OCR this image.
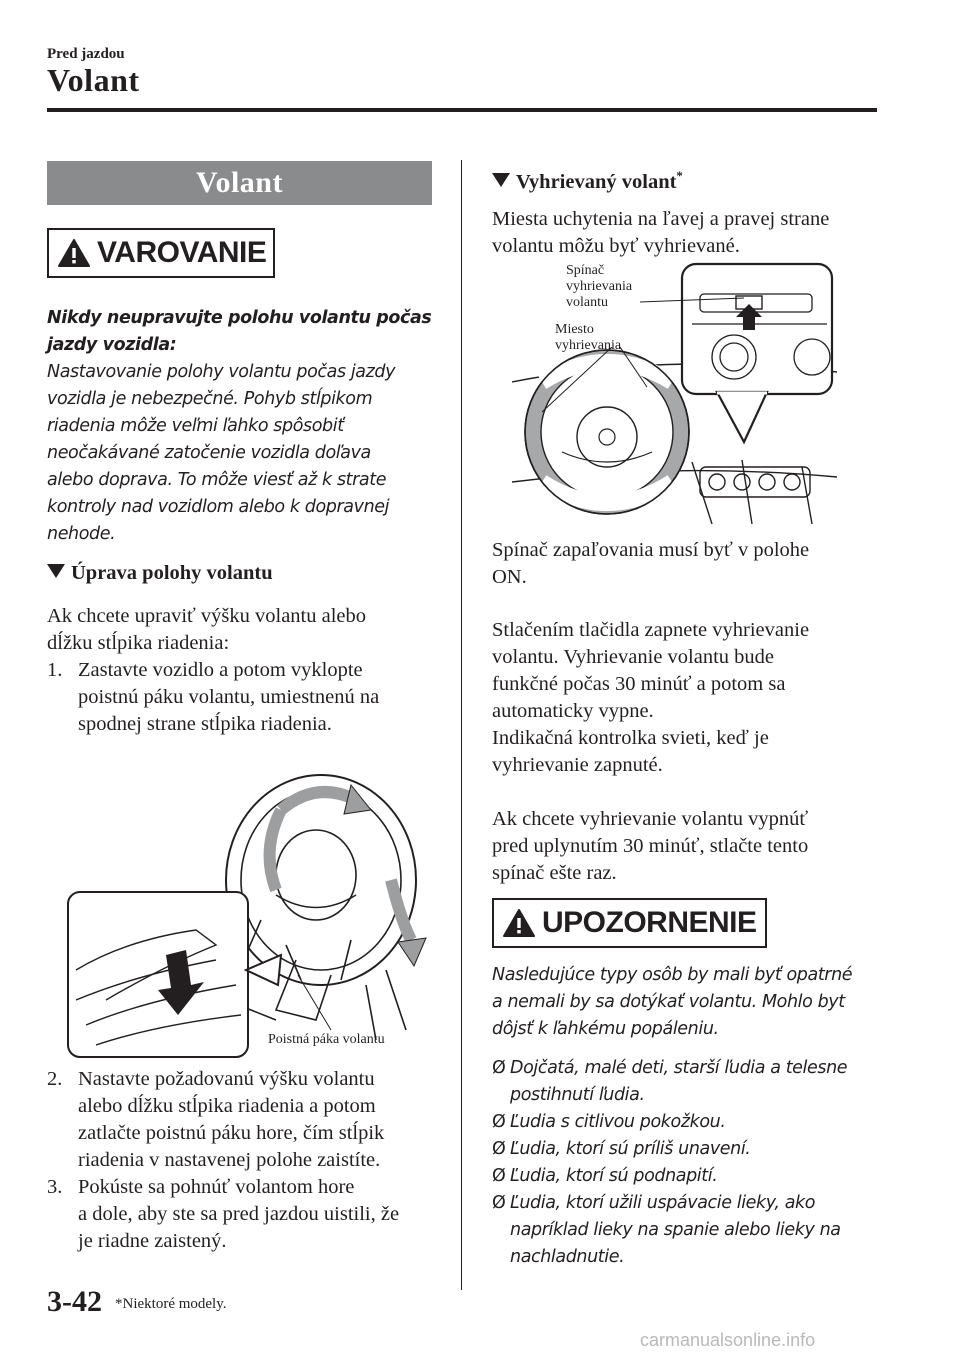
Pred jazdou
Volant
Volant
VAROVANIE
Nikdy neupravujte polohu volantu počas
jazdy vozidla:
Nastavovanie polohy volantu počas jazdy
vozidla je nebezpečné. Pohyb stĺpikom
riadenia môže veľmi ľahko spôsobiť
neočakávané zatočenie vozidla doľava
alebo doprava. To môže viesť až k strate
kontroly nad vozidlom alebo k dopravnej
nehode.
Úprava polohy volantu
Ak chcete upraviť výšku volantu alebo
dĺžku stĺpika riadenia:
1. Zastavte vozidlo a potom vyklopte
poistnú páku volantu, umiestnenú na
spodnej strane stĺpika riadenia.
Poistná páka volantu
2. Nastavte požadovanú výšku volantu
alebo dĺžku stĺpika riadenia a potom
zatlačte poistnú páku hore, čím stĺpik
riadenia v nastavenej polohe zaistíte.
3. Pokúste sa pohnúť volantom hore
a dole, aby ste sa pred jazdou uistili, že
je riadne zaistený.
Vyhrievaný volant*
Miesta uchytenia na ľavej a pravej strane
volantu môžu byť vyhrievané.
Spínač
vyhrievania
volantu
Miesto
vyhrievania
Spínač zapaľovania musí byť v polohe
ON.
Stlačením tlačidla zapnete vyhrievanie
volantu. Vyhrievanie volantu bude
funkčné počas 30 minúť a potom sa
automaticky vypne.
Indikačná kontrolka svieti, keď je
vyhrievanie zapnuté.
Ak chcete vyhrievanie volantu vypnúť
pred uplynutím 30 minúť, stlačte tento
spínač ešte raz.
UPOZORNENIE
Nasledujúce typy osôb by mali byť opatrné
a nemali by sa dotýkať volantu. Mohlo byt
dôjsť k ľahkému popáleniu.
Ø Dojčatá, malé deti, starší ľudia a telesne
postihnutí ľudia.
Ø Ľudia s citlivou pokožkou.
Ø Ľudia, ktorí sú príliš unavení.
Ø Ľudia, ktorí sú podnapití.
Ø Ľudia, ktorí užili uspávacie lieky, ako
napríklad lieky na spanie alebo lieky na
nachladnutie.
3-42 *Niektoré modely.
carmanualsonline.info
